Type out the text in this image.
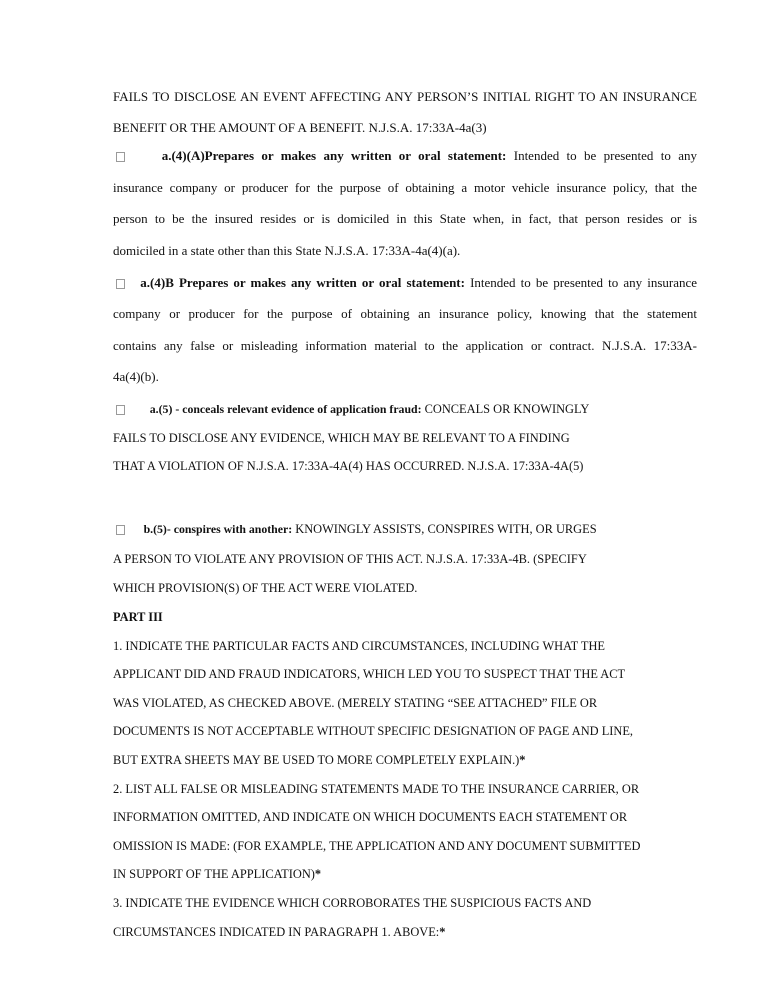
FAILS TO DISCLOSE AN EVENT AFFECTING ANY PERSON’S INITIAL RIGHT TO AN INSURANCE
BENEFIT OR THE AMOUNT OF A BENEFIT. N.J.S.A. 17:33A-4a(3)
a.(4)(A)Prepares or makes any written or oral statement: Intended to be presented to any
insurance company or producer for the purpose of obtaining a motor vehicle insurance policy, that the
person to be the insured resides or is domiciled in this State when, in fact, that person resides or is
domiciled in a state other than this State N.J.S.A. 17:33A-4a(4)(a).
a.(4)B Prepares or makes any written or oral statement: Intended to be presented to any insurance
company or producer for the purpose of obtaining an insurance policy, knowing that the statement
contains any false or misleading information material to the application or contract. N.J.S.A. 17:33A-
4a(4)(b).
a.(5) - conceals relevant evidence of application fraud: CONCEALS OR KNOWINGLY
FAILS TO DISCLOSE ANY EVIDENCE, WHICH MAY BE RELEVANT TO A FINDING
THAT A VIOLATION OF N.J.S.A. 17:33A-4A(4) HAS OCCURRED. N.J.S.A. 17:33A-4A(5)
b.(5)- conspires with another: KNOWINGLY ASSISTS, CONSPIRES WITH, OR URGES
A PERSON TO VIOLATE ANY PROVISION OF THIS ACT. N.J.S.A. 17:33A-4B. (SPECIFY
WHICH PROVISION(S) OF THE ACT WERE VIOLATED.
PART III
1. INDICATE THE PARTICULAR FACTS AND CIRCUMSTANCES, INCLUDING WHAT THE
APPLICANT DID AND FRAUD INDICATORS, WHICH LED YOU TO SUSPECT THAT THE ACT
WAS VIOLATED, AS CHECKED ABOVE. (MERELY STATING “SEE ATTACHED” FILE OR
DOCUMENTS IS NOT ACCEPTABLE WITHOUT SPECIFIC DESIGNATION OF PAGE AND LINE,
BUT EXTRA SHEETS MAY BE USED TO MORE COMPLETELY EXPLAIN.)*
2. LIST ALL FALSE OR MISLEADING STATEMENTS MADE TO THE INSURANCE CARRIER, OR
INFORMATION OMITTED, AND INDICATE ON WHICH DOCUMENTS EACH STATEMENT OR
OMISSION IS MADE: (FOR EXAMPLE, THE APPLICATION AND ANY DOCUMENT SUBMITTED
IN SUPPORT OF THE APPLICATION)*
3. INDICATE THE EVIDENCE WHICH CORROBORATES THE SUSPICIOUS FACTS AND
CIRCUMSTANCES INDICATED IN PARAGRAPH 1. ABOVE:*
